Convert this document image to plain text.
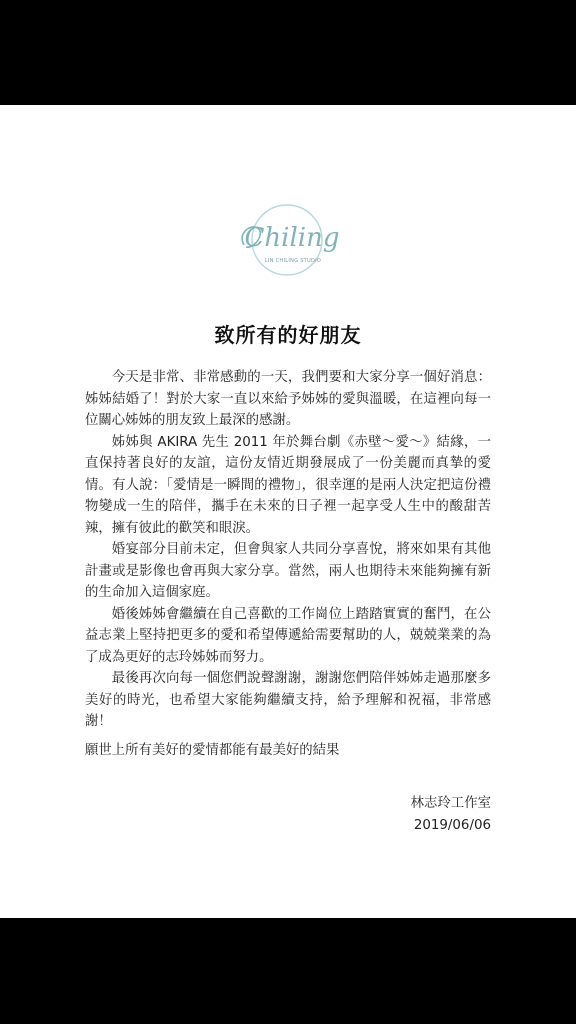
Chiling
LIN CHILING STUDIO
致所有的好朋友

今天是非常、非常感動的一天，我們要和大家分享一個好消息：姊姊結婚了！對於大家一直以來給予姊姊的愛與溫暖，在這裡向每一位關心姊姊的朋友致上最深的感謝。

姊姊與 AKIRA 先生 2011 年於舞台劇《赤壁～愛～》結緣，一直保持著良好的友誼，這份友情近期發展成了一份美麗而真摯的愛情。有人說：「愛情是一瞬間的禮物」，很幸運的是兩人決定把這份禮物變成一生的陪伴，攜手在未來的日子裡一起享受人生中的酸甜苦辣，擁有彼此的歡笑和眼淚。

婚宴部分目前未定，但會與家人共同分享喜悅，將來如果有其他計畫或是影像也會再與大家分享。當然，兩人也期待未來能夠擁有新的生命加入這個家庭。

婚後姊姊會繼續在自己喜歡的工作崗位上踏踏實實的奮鬥，在公益志業上堅持把更多的愛和希望傳遞給需要幫助的人，兢兢業業的為了成為更好的志玲姊姊而努力。

最後再次向每一個您們說聲謝謝，謝謝您們陪伴姊姊走過那麼多美好的時光，也希望大家能夠繼續支持，給予理解和祝福，非常感謝！

願世上所有美好的愛情都能有最美好的結果
林志玲工作室
2019/06/06
